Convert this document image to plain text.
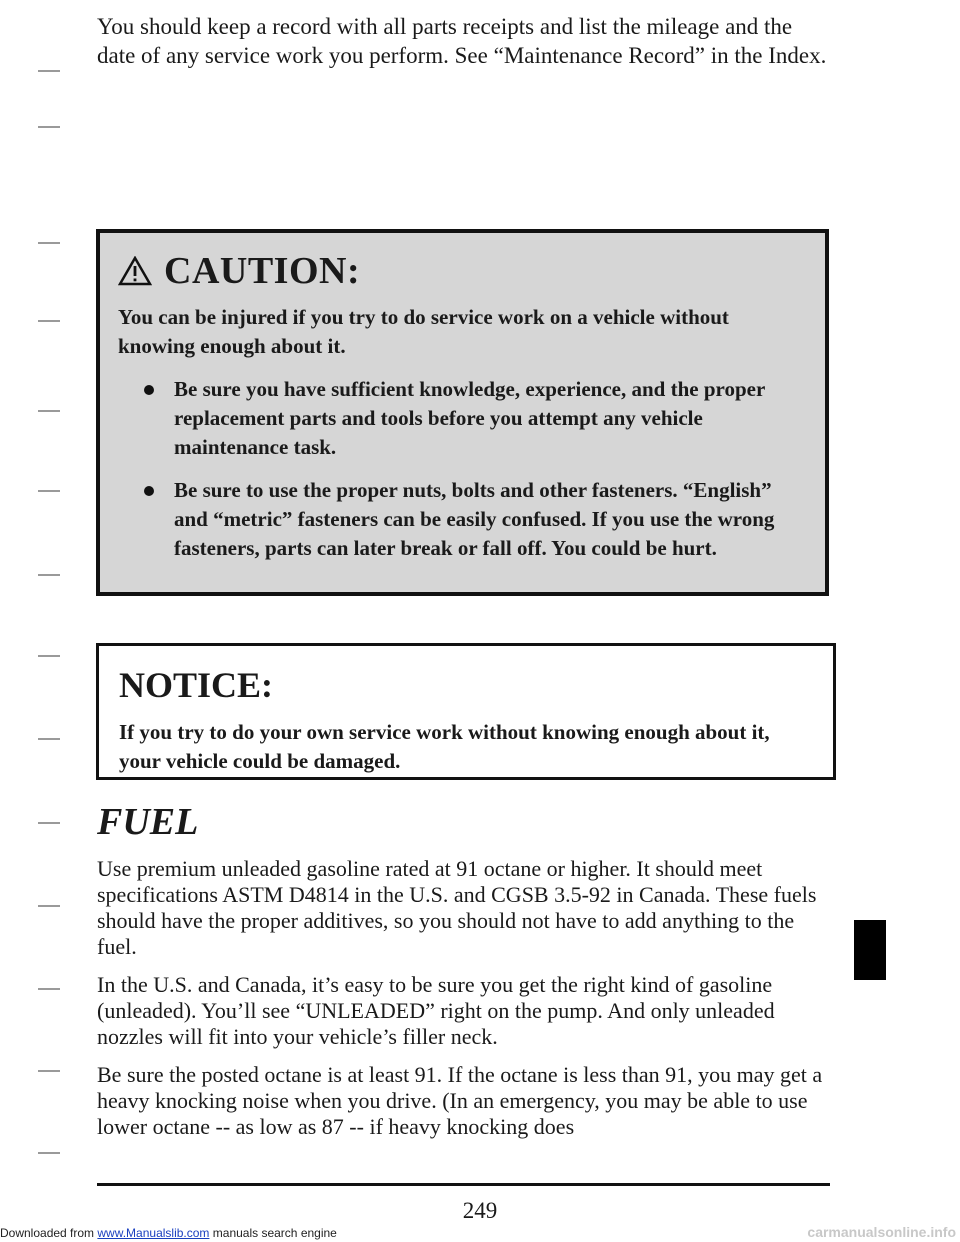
You should keep a record with all parts receipts and list the mileage and the date of any service work you perform. See “Maintenance Record” in the Index.

CAUTION:

You can be injured if you try to do service work on a vehicle without knowing enough about it.

Be sure you have sufficient knowledge, experience, and the proper replacement parts and tools before you attempt any vehicle maintenance task.
Be sure to use the proper nuts, bolts and other fasteners. “English” and “metric” fasteners can be easily confused. If you use the wrong fasteners, parts can later break or fall off. You could be hurt.
NOTICE:

If you try to do your own service work without knowing enough about it, your vehicle could be damaged.

FUEL

Use premium unleaded gasoline rated at 91 octane or higher. It should meet specifications ASTM D4814 in the U.S. and CGSB 3.5-92 in Canada. These fuels should have the proper additives, so you should not have to add anything to the fuel.

In the U.S. and Canada, it’s easy to be sure you get the right kind of gasoline (unleaded). You’ll see “UNLEADED” right on the pump. And only unleaded nozzles will fit into your vehicle’s filler neck.

Be sure the posted octane is at least 91. If the octane is less than 91, you may get a heavy knocking noise when you drive. (In an emergency, you may be able to use lower octane -- as low as 87 -- if heavy knocking does

249

Downloaded from www.Manualslib.com manuals search engine	carmanualsonline.info
